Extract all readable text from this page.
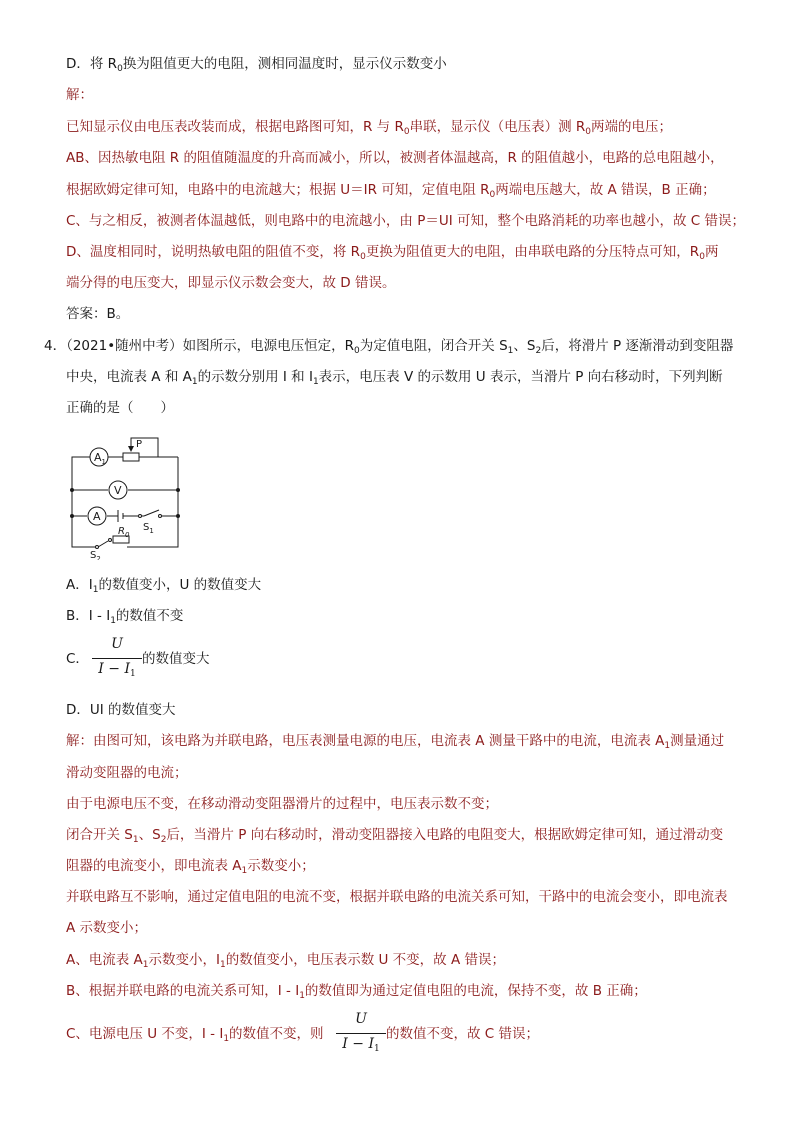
D．将 $R_0$换为阻值更大的电阻，测相同温度时，显示仪示数变小
解：
已知显示仪由电压表改装而成，根据电路图可知，R 与 $R_0$串联，显示仪（电压表）测 $R_0$两端的电压；
AB、因热敏电阻 R 的阻值随温度的升高而减小，所以，被测者体温越高，R 的阻值越小，电路的总电阻越小，
根据欧姆定律可知，电路中的电流越大；根据 U＝IR 可知，定值电阻 $R_0$两端电压越大，故 A 错误，B 正确；
C、与之相反，被测者体温越低，则电路中的电流越小，由 P＝UI 可知，整个电路消耗的功率也越小，故 C 错误；
D、温度相同时，说明热敏电阻的阻值不变，将 $R_0$更换为阻值更大的电阻，由串联电路的分压特点可知，$R_0$两
端分得的电压变大，即显示仪示数会变大，故 D 错误。
答案：B。
4．（2021•随州中考）如图所示，电源电压恒定，$R_0$为定值电阻，闭合开关 $S_1$、$S_2$后，将滑片 P 逐渐滑动到变阻器
中央，电流表 A 和 $A_1$的示数分别用 I 和 $I_1$表示，电压表 V 的示数用 U 表示，当滑片 P 向右移动时，下列判断
正确的是（　　）
$A_1$
V
A
P
$S_1$
$R_0$
$S_2$
A．$I_1$的数值变小，U 的数值变大
B．I - $I_1$的数值不变
C．
U
$I - I_1$
的数值变大
D．UI 的数值变大
解：由图可知，该电路为并联电路，电压表测量电源的电压，电流表 A 测量干路中的电流，电流表 $A_1$测量通过
滑动变阻器的电流；
由于电源电压不变，在移动滑动变阻器滑片的过程中，电压表示数不变；
闭合开关 $S_1$、$S_2$后，当滑片 P 向右移动时，滑动变阻器接入电路的电阻变大，根据欧姆定律可知，通过滑动变
阻器的电流变小，即电流表 $A_1$示数变小；
并联电路互不影响，通过定值电阻的电流不变，根据并联电路的电流关系可知，干路中的电流会变小，即电流表
A 示数变小；
A、电流表 $A_1$示数变小，$I_1$的数值变小，电压表示数 U 不变，故 A 错误；
B、根据并联电路的电流关系可知，I - $I_1$的数值即为通过定值电阻的电流，保持不变，故 B 正确；
C、电源电压 U 不变，I - $I_1$的数值不变，则
U
$I - I_1$
的数值不变，故 C 错误；
